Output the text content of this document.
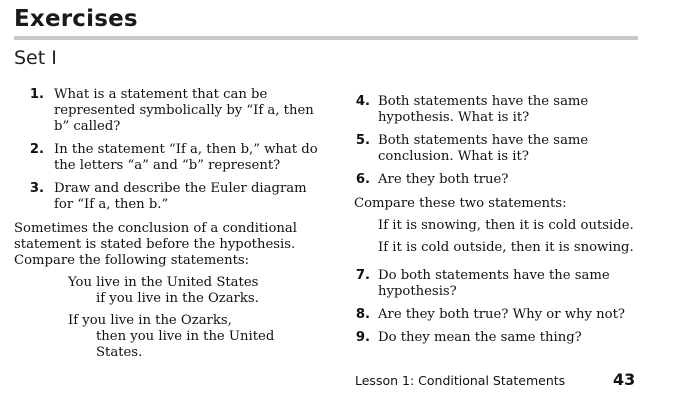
Exercises
Set I
1. What is a statement that can be represented symbolically by “If a, then b” called?
2. In the statement “If a, then b,” what do the letters “a” and “b” represent?
3. Draw and describe the Euler diagram for “If a, then b.”
Sometimes the conclusion of a conditional statement is stated before the hypothesis. Compare the following statements:
You live in the United States
if you live in the Ozarks.
If you live in the Ozarks,
then you live in the United States.
4. Both statements have the same hypothesis. What is it?
5. Both statements have the same conclusion. What is it?
6. Are they both true?
Compare these two statements:
If it is snowing, then it is cold outside.
If it is cold outside, then it is snowing.
7. Do both statements have the same hypothesis?
8. Are they both true? Why or why not?
9. Do they mean the same thing?
Lesson 1: Conditional Statements	43
